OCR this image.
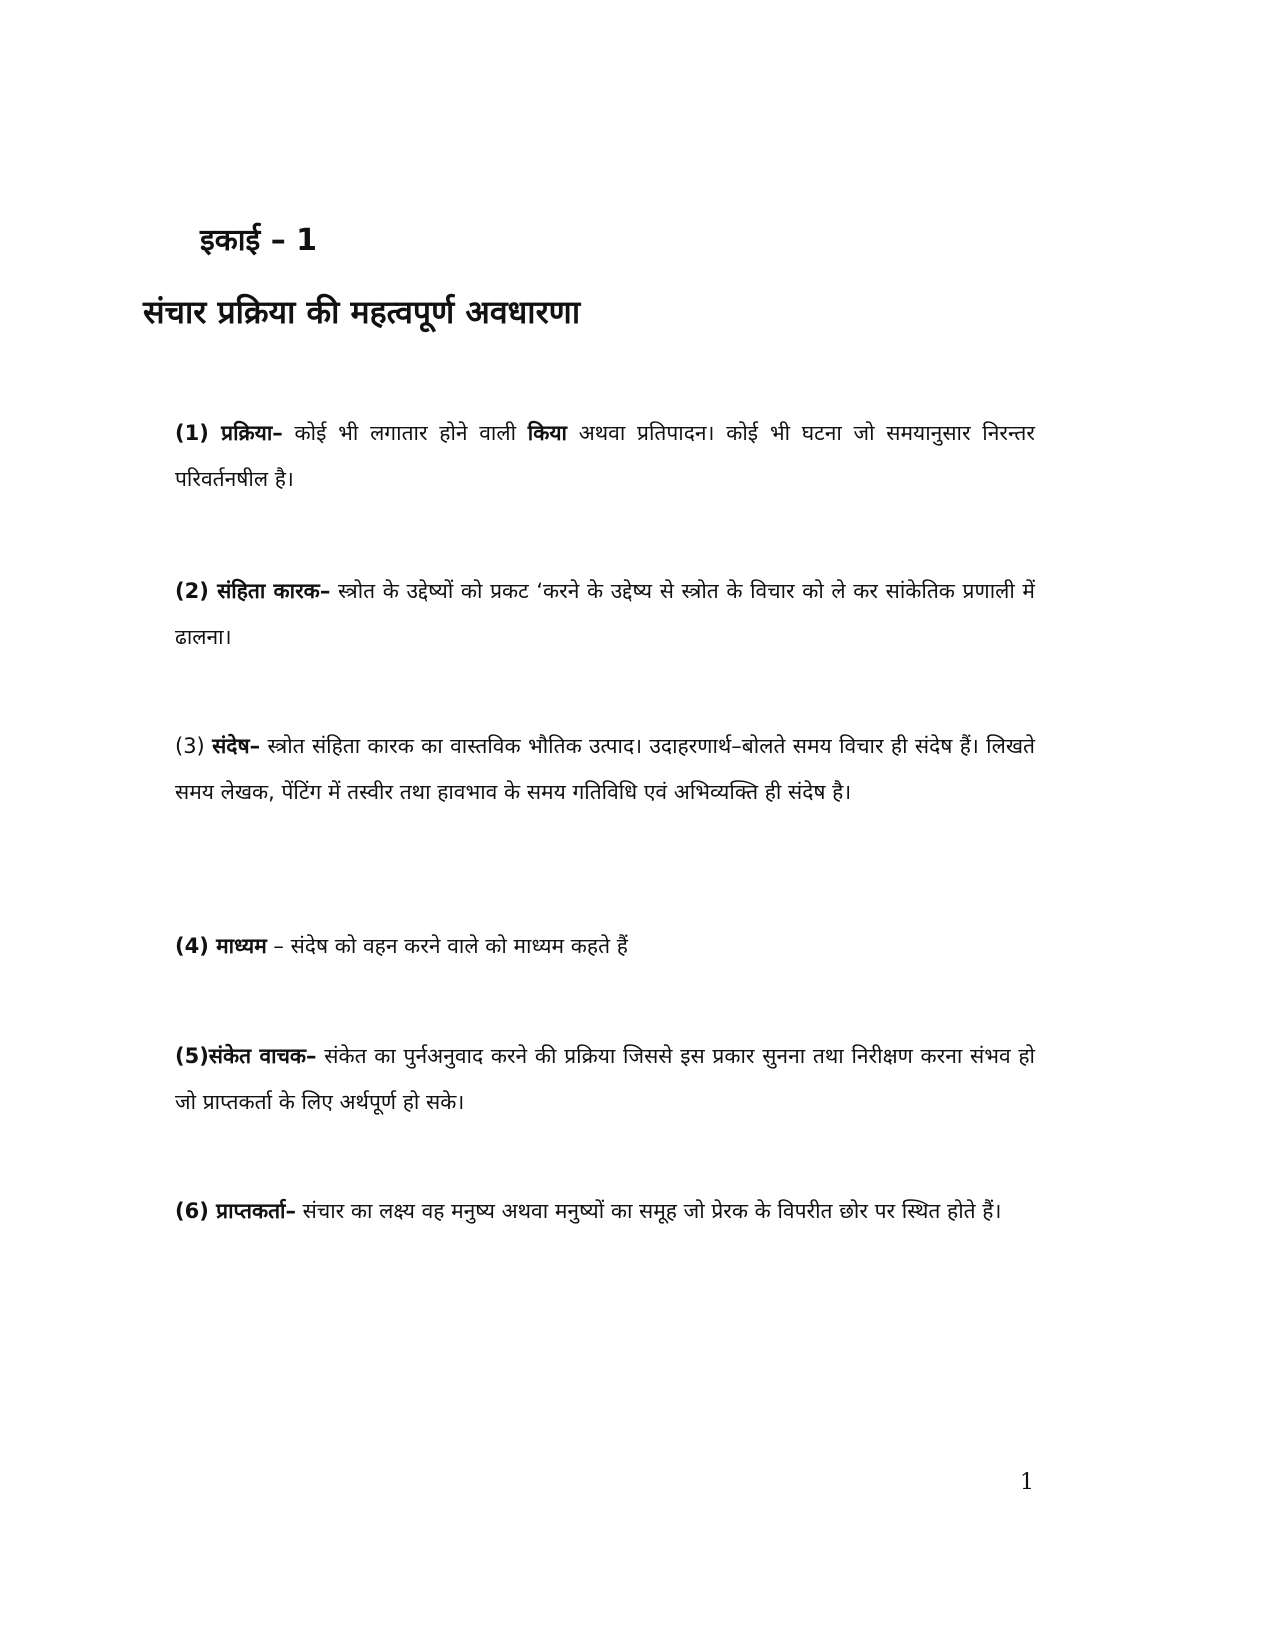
इकाई – 1
संचार प्रक्रिया की महत्वपूर्ण अवधारणा

(1) प्रक्रिया– कोई भी लगातार होने वाली किया अथवा प्रतिपादन। कोई भी घटना जो समयानुसार निरन्तर परिवर्तनषील है।

(2) संहिता कारक– स्त्रोत के उद्देष्यों को प्रकट ‘करने के उद्देष्य से स्त्रोत के विचार को ले कर सांकेतिक प्रणाली में ढालना।

(3) संदेष– स्त्रोत संहिता कारक का वास्तविक भौतिक उत्पाद। उदाहरणार्थ–बोलते समय विचार ही संदेष हैं। लिखते समय लेखक, पेंटिंग में तस्वीर तथा हावभाव के समय गतिविधि एवं अभिव्यक्ति ही संदेष है।

(4) माध्यम – संदेष को वहन करने वाले को माध्यम कहते हैं

(5)संकेत वाचक– संकेत का पुर्नअनुवाद करने की प्रक्रिया जिससे इस प्रकार सुनना तथा निरीक्षण करना संभव हो जो प्राप्तकर्ता के लिए अर्थपूर्ण हो सके।

(6) प्राप्तकर्ता– संचार का लक्ष्य वह मनुष्य अथवा मनुष्यों का समूह जो प्रेरक के विपरीत छोर पर स्थित होते हैं।

1
